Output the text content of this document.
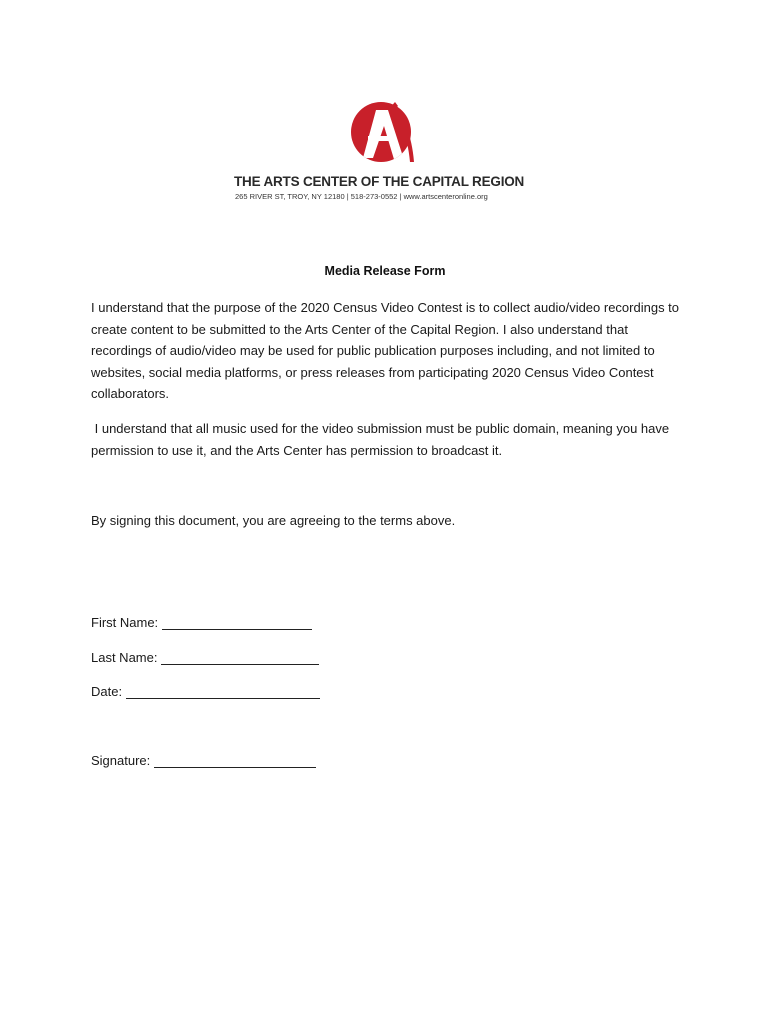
THE ARTS CENTER OF THE CAPITAL REGION
265 RIVER ST, TROY, NY 12180 | 518-273-0552 | www.artscenteronline.org
Media Release Form

I understand that the purpose of the 2020 Census Video Contest is to collect audio/video recordings to create content to be submitted to the Arts Center of the Capital Region. I also understand that recordings of audio/video may be used for public publication purposes including, and not limited to websites, social media platforms, or press releases from participating 2020 Census Video Contest collaborators.

I understand that all music used for the video submission must be public domain, meaning you have permission to use it, and the Arts Center has permission to broadcast it.

By signing this document, you are agreeing to the terms above.

First Name:
Last Name:
Date:
Signature:
